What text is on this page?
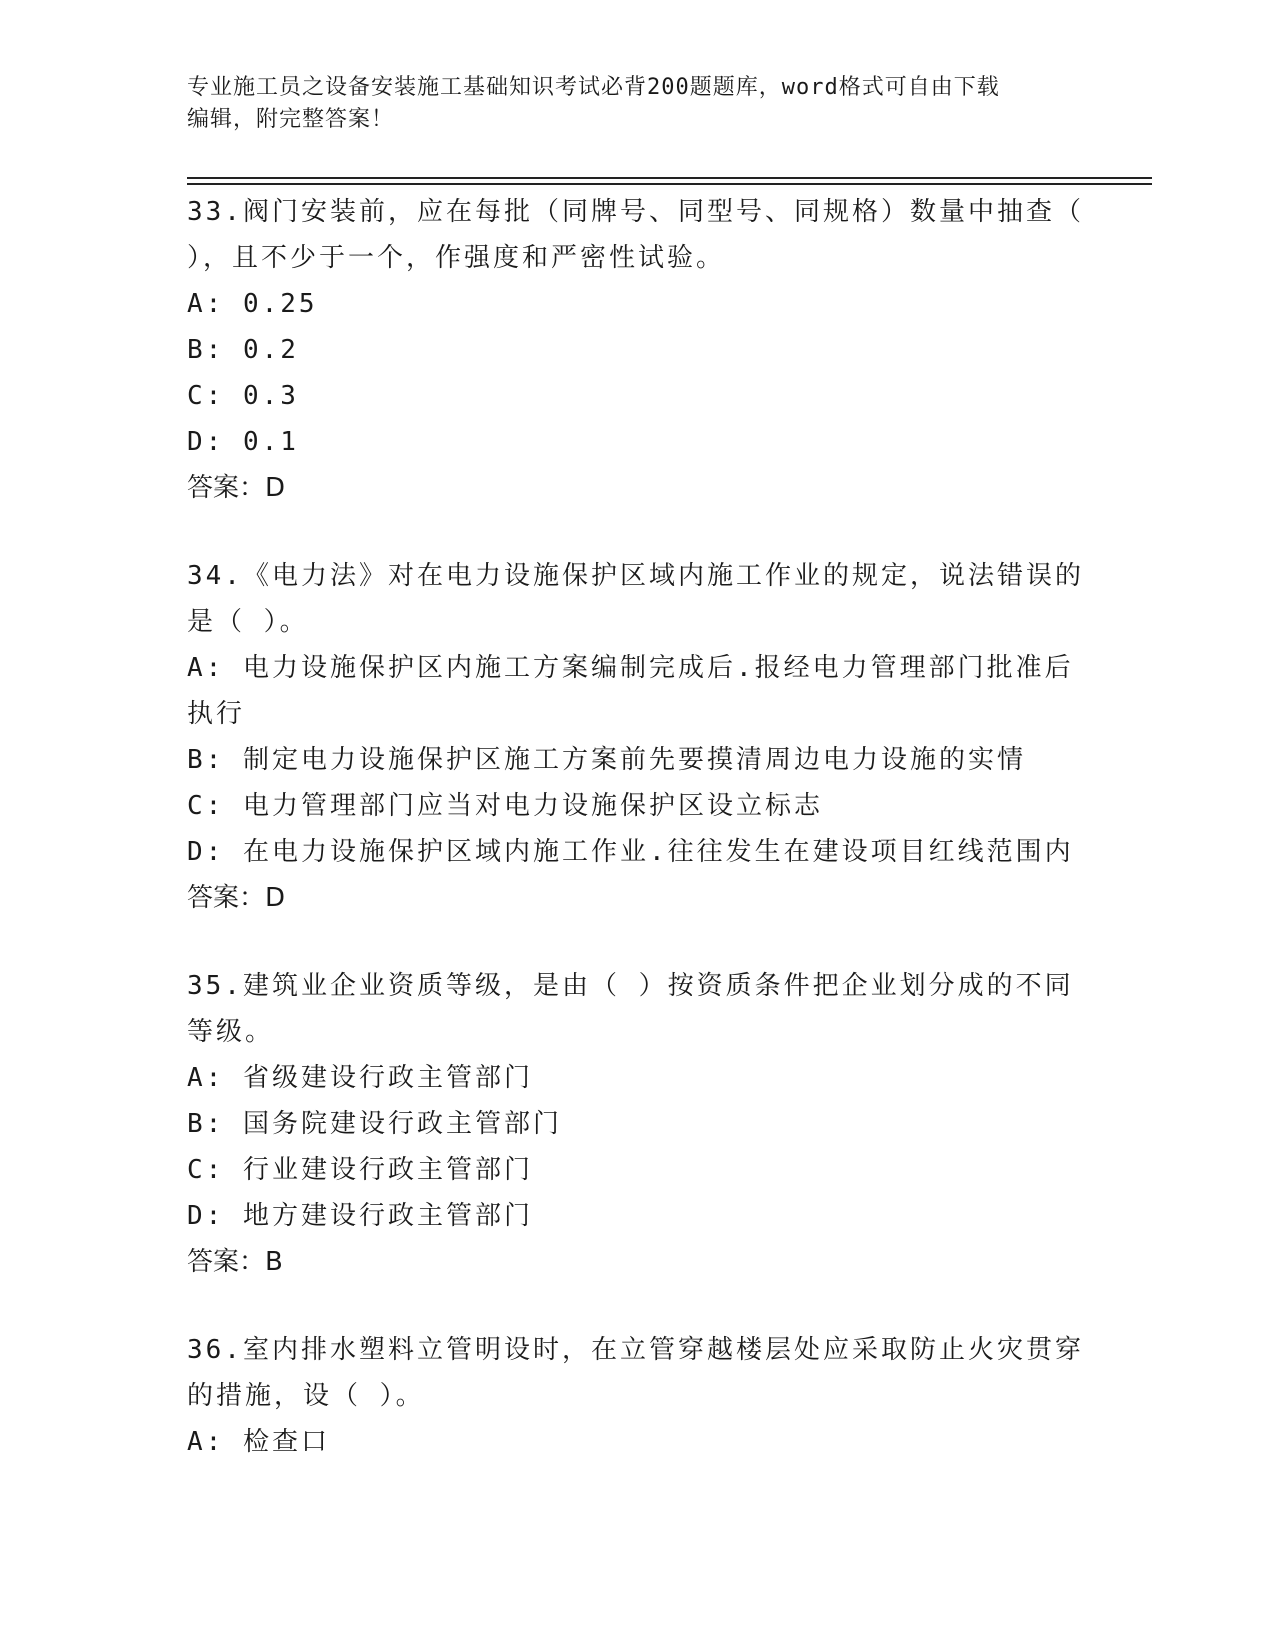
专业施工员之设备安装施工基础知识考试必背200题题库，word格式可自由下载
编辑，附完整答案！
33.阀门安装前，应在每批（同牌号、同型号、同规格）数量中抽查（
），且不少于一个，作强度和严密性试验。
A: 0.25
B: 0.2
C: 0.3
D: 0.1
答案：D
34.《电力法》对在电力设施保护区域内施工作业的规定，说法错误的
是（ ）。
A: 电力设施保护区内施工方案编制完成后.报经电力管理部门批准后
执行
B: 制定电力设施保护区施工方案前先要摸清周边电力设施的实情
C: 电力管理部门应当对电力设施保护区设立标志
D: 在电力设施保护区域内施工作业.往往发生在建设项目红线范围内
答案：D
35.建筑业企业资质等级，是由（ ）按资质条件把企业划分成的不同
等级。
A: 省级建设行政主管部门
B: 国务院建设行政主管部门
C: 行业建设行政主管部门
D: 地方建设行政主管部门
答案：B
36.室内排水塑料立管明设时，在立管穿越楼层处应采取防止火灾贯穿
的措施，设（ ）。
A: 检查口
